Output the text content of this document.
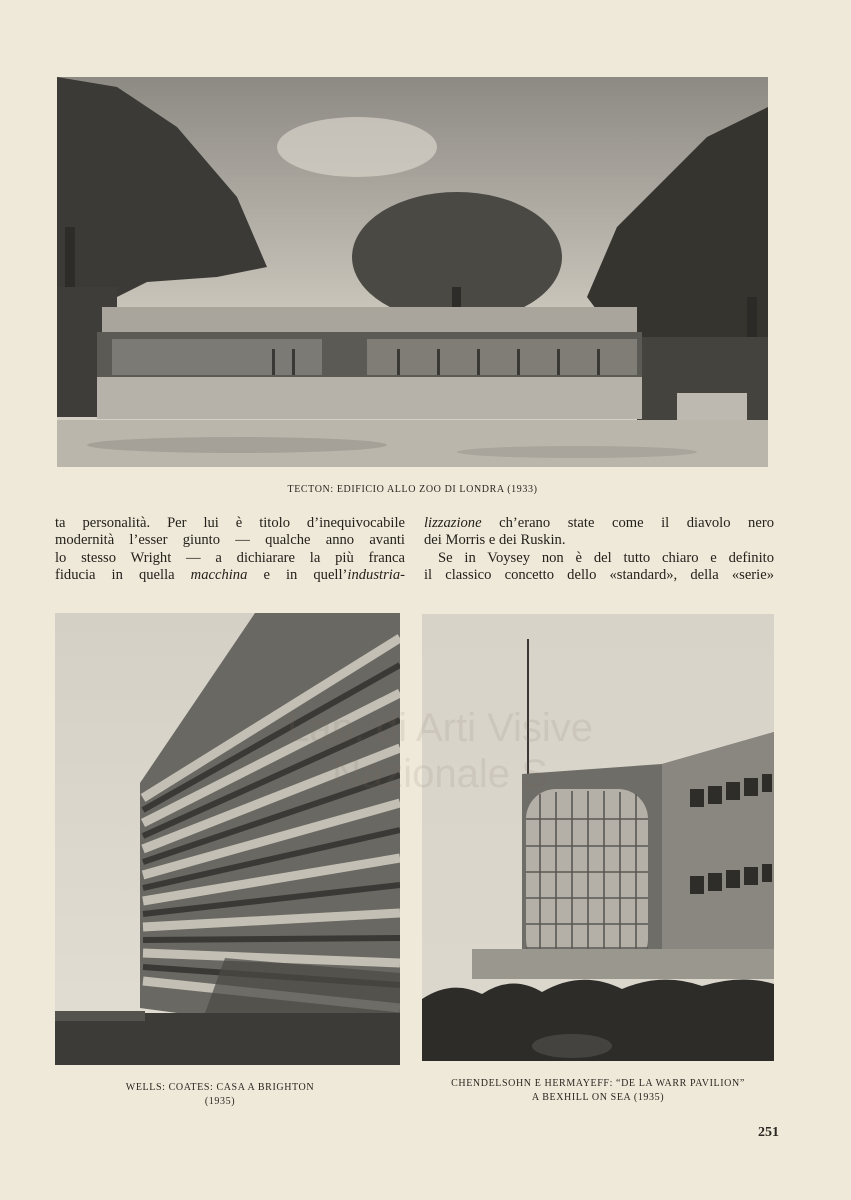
TECTON: EDIFICIO ALLO ZOO DI LONDRA (1933)
ta personalità. Per lui è titolo d’inequivocabile
modernità l’esser giunto — qualche anno avanti
lo stesso Wright — a dichiarare la più franca
fiducia in quella macchina e in quell’industria-
lizzazione ch’erano state come il diavolo nero
dei Morris e dei Ruskin.
Se in Voysey non è del tutto chiaro e definito
il classico concetto dello «standard», della «serie»
WELLS: COATES: CASA A BRIGHTON
(1935)
CHENDELSOHN E HERMAYEFF: “DE LA WARR PAVILION”
A BEXHILL ON SEA (1935)
251
Lab. di Arti Visive
Nazionale S
